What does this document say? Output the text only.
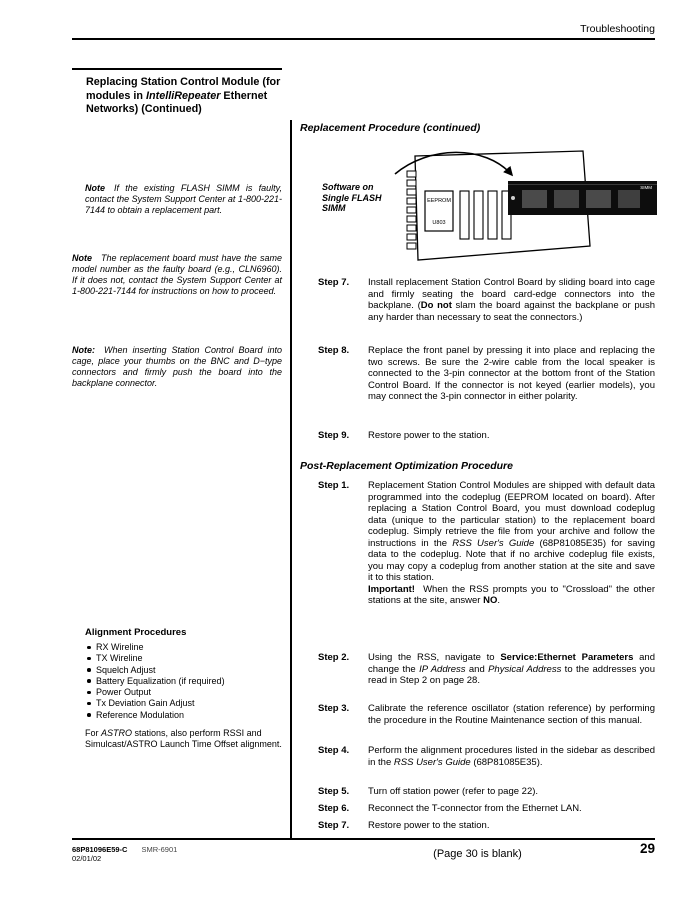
Troubleshooting
Replacing Station Control Module (for
modules in IntelliRepeater Ethernet
Networks) (Continued)

Note If the existing FLASH SIMM is faulty, contact the System Support Center at 1-800-221-7144 to obtain a replacement part.

Note The replacement board must have the same model number as the faulty board (e.g., CLN6960). If it does not, contact the System Support Center at 1-800-221-7144 for instructions on how to proceed.

Note: When inserting Station Control Board into cage, place your thumbs on the BNC and D−type connectors and firmly push the board into the backplane connector.

Alignment Procedures
RX Wireline
TX Wireline
Squelch Adjust
Battery Equalization (if required)
Power Output
Tx Deviation Gain Adjust
Reference Modulation

For ASTRO stations, also perform RSSI and Simulcast/ASTRO Launch Time Offset alignment.

Replacement Procedure (continued)
EEPROM
U803
SIMM
Software on Single FLASH SIMM
Step 7.	Install replacement Station Control Board by sliding board into cage and firmly seating the board card-edge connectors into the backplane. (Do not slam the board against the backplane or push any harder than necessary to seat the connectors.)
Step 8.	Replace the front panel by pressing it into place and replacing the two screws. Be sure the 2-wire cable from the local speaker is connected to the 3-pin connector at the bottom front of the Station Control Board. If the connector is not keyed (earlier models), you may connect the 3-pin connector in either polarity.
Step 9.	Restore power to the station.
Post-Replacement Optimization Procedure
Step 1.	Replacement Station Control Modules are shipped with default data programmed into the codeplug (EEPROM located on board). After replacing a Station Control Board, you must download codeplug data (unique to the particular station) to the replacement board codeplug. Simply retrieve the file from your archive and follow the instructions in the RSS User's Guide (68P81085E35) for saving data to the codeplug. Note that if no archive codeplug file exists, you may copy a codeplug from another station at the site and save it to this station.
Important!  When the RSS prompts you to "Crossload" the other stations at the site, answer NO.
Step 2.	Using the RSS, navigate to Service:Ethernet Parameters and change the IP Address and Physical Address to the addresses you read in Step 2 on page 28.
Step 3.	Calibrate the reference oscillator (station reference) by performing the procedure in the Routine Maintenance section of this manual.
Step 4.	Perform the alignment procedures listed in the sidebar as described in the RSS User's Guide (68P81085E35).
Step 5.	Turn off station power (refer to page 22).
Step 6.	Reconnect the T-connector from the Ethernet LAN.
Step 7.	Restore power to the station.
68P81096E59-C SMR-6901
02/01/02	(Page 30 is blank)	29
